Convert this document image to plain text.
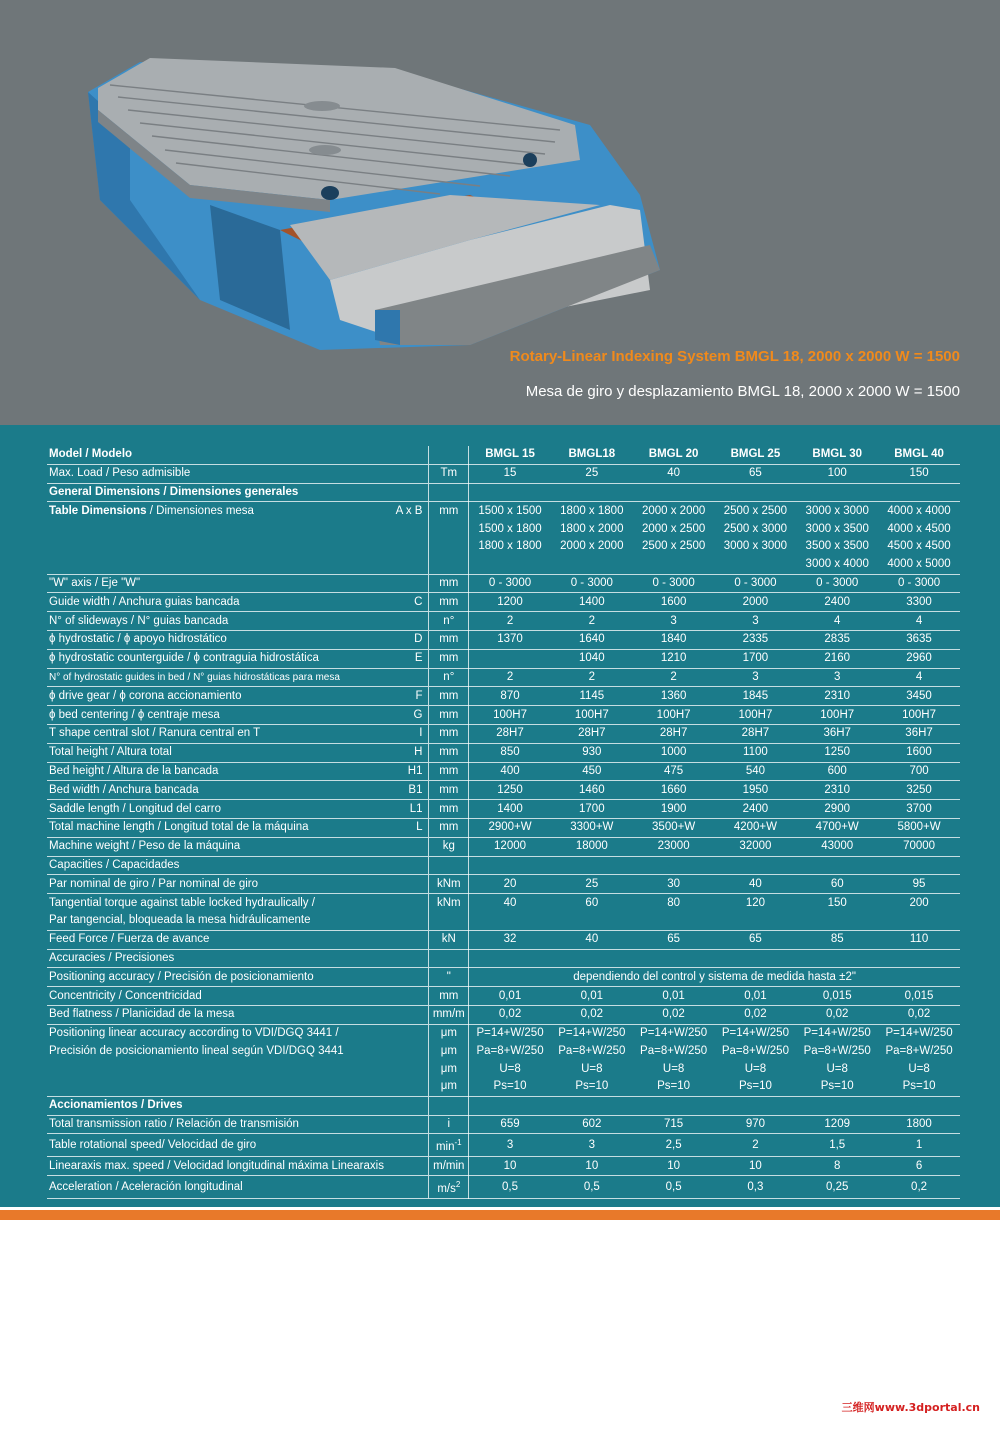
Rotary-Linear Indexing System BMGL 18, 2000 x 2000 W = 1500
Mesa de giro y desplazamiento BMGL 18, 2000 x 2000 W = 1500
Model / Modelo			BMGL 15	BMGL18	BMGL 20	BMGL 25	BMGL 30	BMGL 40
Max. Load / Peso admisible		Tm	15	25	40	65	100	150
General Dimensions / Dimensiones generales								
Table Dimensions / Dimensiones mesa	A x B	mm	1500 x 1500	1800 x 1800	2000 x 2000	2500 x 2500	3000 x 3000	4000 x 4000
			1500 x 1800	1800 x 2000	2000 x 2500	2500 x 3000	3000 x 3500	4000 x 4500
			1800 x 1800	2000 x 2000	2500 x 2500	3000 x 3000	3500 x 3500	4500 x 4500
							3000 x 4000	4000 x 5000
"W" axis / Eje "W"		mm	0 - 3000	0 - 3000	0 - 3000	0 - 3000	0 - 3000	0 - 3000
Guide width / Anchura guias bancada	C	mm	1200	1400	1600	2000	2400	3300
N° of slideways / N° guias bancada		n°	2	2	3	3	4	4
ϕ hydrostatic / ϕ apoyo hidrostático	D	mm	1370	1640	1840	2335	2835	3635
ϕ hydrostatic counterguide / ϕ contraguia hidrostática	E	mm		1040	1210	1700	2160	2960
N° of hydrostatic guides in bed / N° guias hidrostáticas para mesa		n°	2	2	2	3	3	4
ϕ drive gear / ϕ corona accionamiento	F	mm	870	1145	1360	1845	2310	3450
ϕ bed centering / ϕ centraje mesa	G	mm	100H7	100H7	100H7	100H7	100H7	100H7
T shape central slot / Ranura central en T	I	mm	28H7	28H7	28H7	28H7	36H7	36H7
Total height / Altura total	H	mm	850	930	1000	1100	1250	1600
Bed height / Altura de la bancada	H1	mm	400	450	475	540	600	700
Bed width / Anchura bancada	B1	mm	1250	1460	1660	1950	2310	3250
Saddle length / Longitud del carro	L1	mm	1400	1700	1900	2400	2900	3700
Total machine length / Longitud total de la máquina	L	mm	2900+W	3300+W	3500+W	4200+W	4700+W	5800+W
Machine weight / Peso de la máquina		kg	12000	18000	23000	32000	43000	70000
Capacities / Capacidades								
Par nominal de giro / Par nominal de giro		kNm	20	25	30	40	60	95
Tangential torque against table locked hydraulically /		kNm	40	60	80	120	150	200
Par tangencial, bloqueada la mesa hidráulicamente								
Feed Force / Fuerza de avance		kN	32	40	65	65	85	110
Accuracies / Precisiones								
Positioning accuracy / Precisión de posicionamiento		"	dependiendo del control y sistema de medida hasta ±2"					
Concentricity / Concentricidad		mm	0,01	0,01	0,01	0,01	0,015	0,015
Bed flatness / Planicidad de la mesa		mm/m	0,02	0,02	0,02	0,02	0,02	0,02
Positioning linear accuracy according to VDI/DGQ 3441 /		μm	P=14+W/250	P=14+W/250	P=14+W/250	P=14+W/250	P=14+W/250	P=14+W/250
Precisión de posicionamiento lineal según VDI/DGQ 3441		μm	Pa=8+W/250	Pa=8+W/250	Pa=8+W/250	Pa=8+W/250	Pa=8+W/250	Pa=8+W/250
		μm	U=8	U=8	U=8	U=8	U=8	U=8
		μm	Ps=10	Ps=10	Ps=10	Ps=10	Ps=10	Ps=10
Accionamientos / Drives								
Total transmission ratio / Relación de transmisión		i	659	602	715	970	1209	1800
Table rotational speed/ Velocidad de giro		$\min^{-1}$	3	3	2,5	2	1,5	1
Linearaxis max. speed / Velocidad longitudinal máxima Linearaxis		m/min	10	10	10	10	8	6
Acceleration / Aceleración longitudinal		$m/s^2$	0,5	0,5	0,5	0,3	0,25	0,2
三维网www.3dportal.cn
